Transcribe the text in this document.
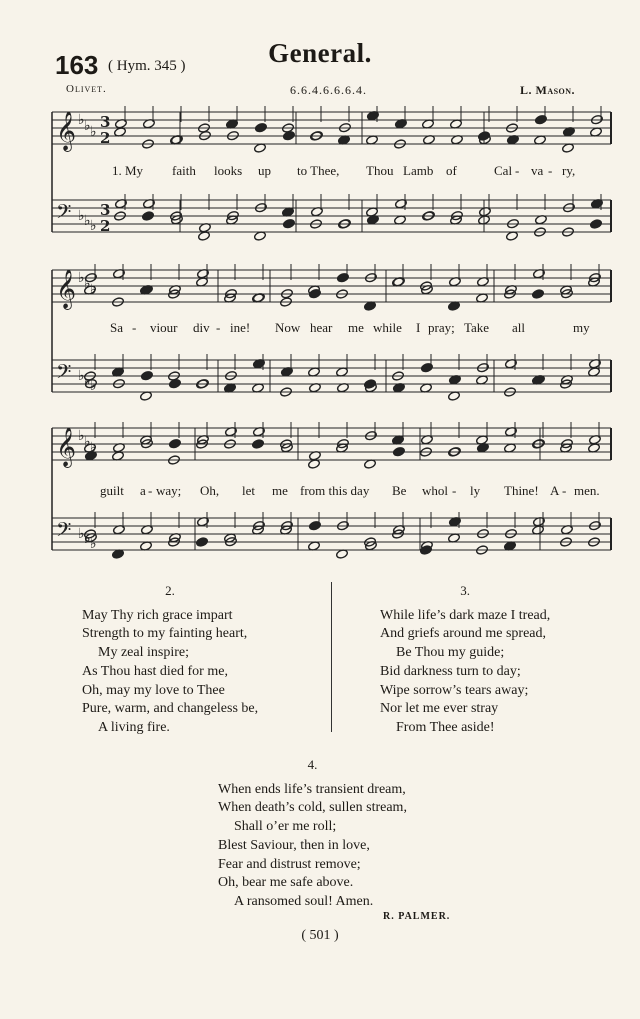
163 ( Hym. 345 )	General.
Olivet.	6.6.4.6.6.6.4.	L. Mason.
𝄞 ♭ ♭ ♭
3
2
𝄢 ♭ ♭ ♭
3
2
𝄞 ♭ ♭ ♭
𝄢 ♭ ♭ ♭
𝄞 ♭ ♭ ♭
𝄢 ♭ ♭ ♭
1. My faith looks up to Thee, Thou Lamb of	Cal - va - ry,
Sa - viour div - ine! Now hear me while I pray; Take all	my
guilt a - way; Oh, let me from this day Be whol - ly Thine! A - men.
2.
May Thy rich grace impart
Strength to my fainting heart,
My zeal inspire;
As Thou hast died for me,
Oh, may my love to Thee
Pure, warm, and changeless be,
A living fire.
3.
While life’s dark maze I tread,
And griefs around me spread,
Be Thou my guide;
Bid darkness turn to day;
Wipe sorrow’s tears away;
Nor let me ever stray
From Thee aside!
4.
When ends life’s transient dream,
When death’s cold, sullen stream,
Shall o’er me roll;
Blest Saviour, then in love,
Fear and distrust remove;
Oh, bear me safe above.
A ransomed soul! Amen.
R. PALMER.
( 501 )
